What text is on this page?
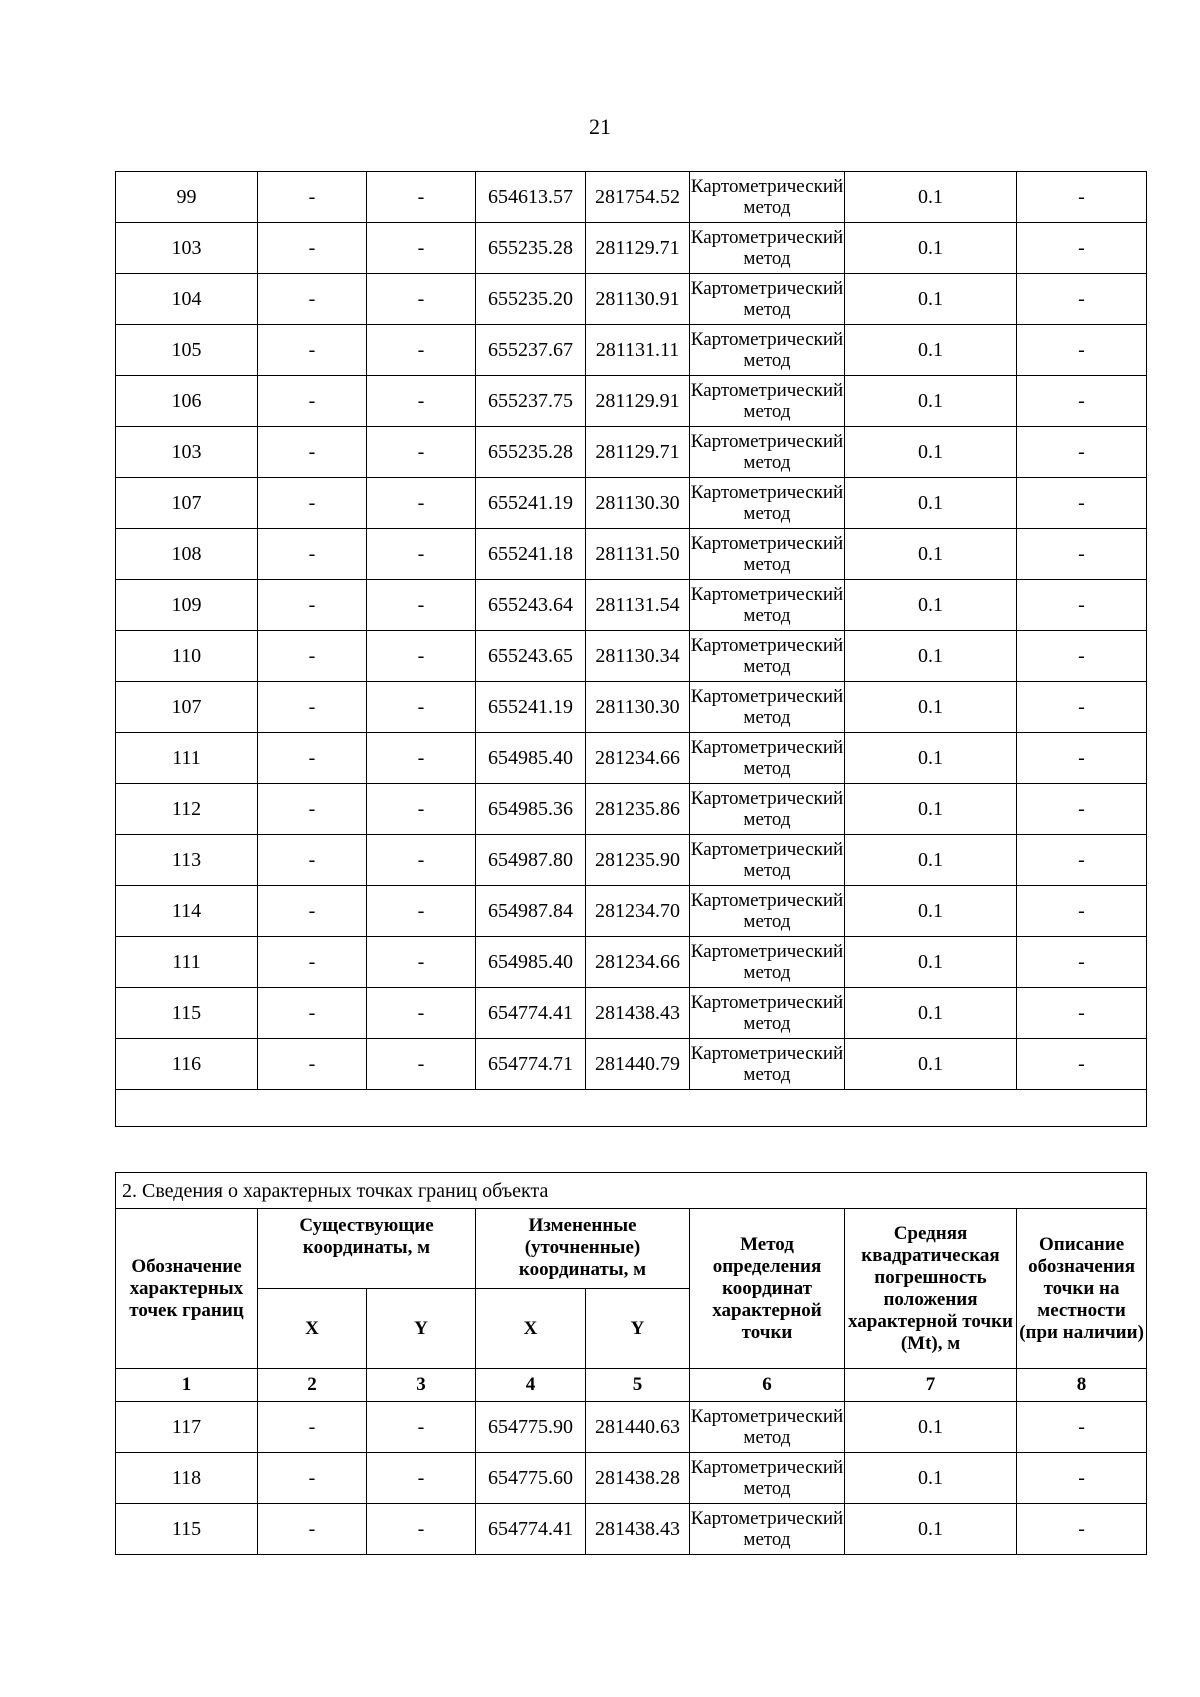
21
99	-	-	654613.57	281754.52	Картометрический метод	0.1	-
103	-	-	655235.28	281129.71	Картометрический метод	0.1	-
104	-	-	655235.20	281130.91	Картометрический метод	0.1	-
105	-	-	655237.67	281131.11	Картометрический метод	0.1	-
106	-	-	655237.75	281129.91	Картометрический метод	0.1	-
103	-	-	655235.28	281129.71	Картометрический метод	0.1	-
107	-	-	655241.19	281130.30	Картометрический метод	0.1	-
108	-	-	655241.18	281131.50	Картометрический метод	0.1	-
109	-	-	655243.64	281131.54	Картометрический метод	0.1	-
110	-	-	655243.65	281130.34	Картометрический метод	0.1	-
107	-	-	655241.19	281130.30	Картометрический метод	0.1	-
111	-	-	654985.40	281234.66	Картометрический метод	0.1	-
112	-	-	654985.36	281235.86	Картометрический метод	0.1	-
113	-	-	654987.80	281235.90	Картометрический метод	0.1	-
114	-	-	654987.84	281234.70	Картометрический метод	0.1	-
111	-	-	654985.40	281234.66	Картометрический метод	0.1	-
115	-	-	654774.41	281438.43	Картометрический метод	0.1	-
116	-	-	654774.71	281440.79	Картометрический метод	0.1	-

2. Сведения о характерных точках границ объекта							
Обозначение характерных точек границ	Существующие координаты, м		Измененные (уточненные) координаты, м		Метод определения координат характерной точки	Средняя квадратическая погрешность положения характерной точки (Mt), м	Описание обозначения точки на местности (при наличии)
	X	Y	X	Y			
1	2	3	4	5	6	7	8
117	-	-	654775.90	281440.63	Картометрический метод	0.1	-
118	-	-	654775.60	281438.28	Картометрический метод	0.1	-
115	-	-	654774.41	281438.43	Картометрический метод	0.1	-
